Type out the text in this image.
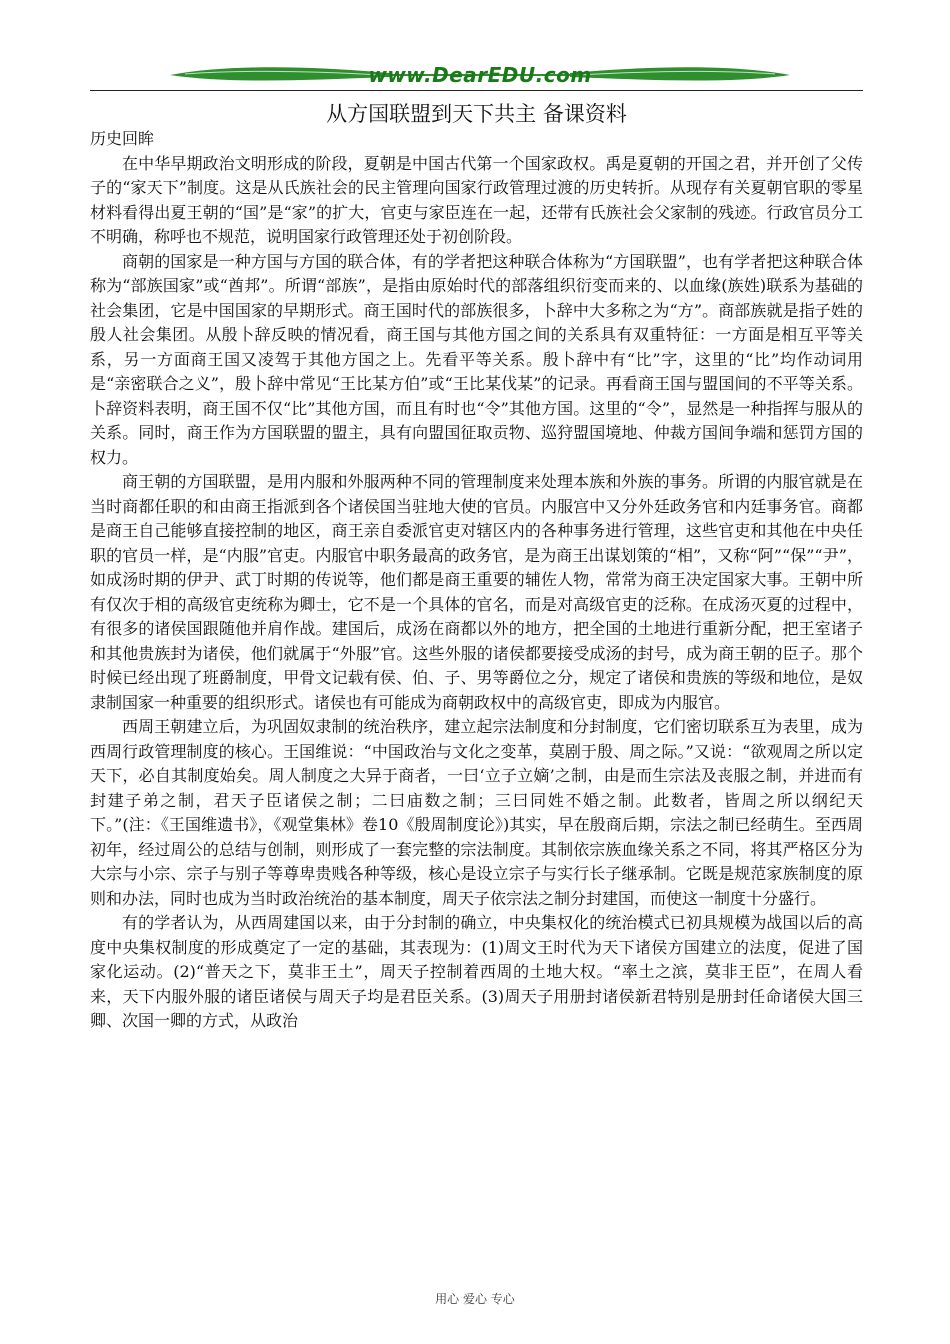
www.DearEDU.com
从方国联盟到天下共主 备课资料

历史回眸

在中华早期政治文明形成的阶段，夏朝是中国古代第一个国家政权。禹是夏朝的开国之君，并开创了父传子的“家天下”制度。这是从氏族社会的民主管理向国家行政管理过渡的历史转折。从现存有关夏朝官职的零星材料看得出夏王朝的“国”是“家”的扩大，官吏与家臣连在一起，还带有氏族社会父家制的残迹。行政官员分工不明确，称呼也不规范，说明国家行政管理还处于初创阶段。

商朝的国家是一种方国与方国的联合体，有的学者把这种联合体称为“方国联盟”，也有学者把这种联合体称为“部族国家”或“酋邦”。所谓“部族”，是指由原始时代的部落组织衍变而来的、以血缘(族姓)联系为基础的社会集团，它是中国国家的早期形式。商王国时代的部族很多，卜辞中大多称之为“方”。商部族就是指子姓的殷人社会集团。从殷卜辞反映的情况看，商王国与其他方国之间的关系具有双重特征：一方面是相互平等关系，另一方面商王国又凌驾于其他方国之上。先看平等关系。殷卜辞中有“比”字，这里的“比”均作动词用是“亲密联合之义”，殷卜辞中常见“王比某方伯”或“王比某伐某”的记录。再看商王国与盟国间的不平等关系。卜辞资料表明，商王国不仅“比”其他方国，而且有时也“令”其他方国。这里的“令”，显然是一种指挥与服从的关系。同时，商王作为方国联盟的盟主，具有向盟国征取贡物、巡狩盟国境地、仲裁方国间争端和惩罚方国的权力。

商王朝的方国联盟，是用内服和外服两种不同的管理制度来处理本族和外族的事务。所谓的内服官就是在当时商都任职的和由商王指派到各个诸侯国当驻地大使的官员。内服宫中又分外廷政务官和内廷事务官。商都是商王自己能够直接控制的地区，商王亲自委派官吏对辖区内的各种事务进行管理，这些官吏和其他在中央任职的官员一样，是“内服”官吏。内服官中职务最高的政务官，是为商王出谋划策的“相”，又称“阿”“保”“尹”，如成汤时期的伊尹、武丁时期的传说等，他们都是商王重要的辅佐人物，常常为商王决定国家大事。王朝中所有仅次于相的高级官吏统称为卿士，它不是一个具体的官名，而是对高级官吏的泛称。在成汤灭夏的过程中，有很多的诸侯国跟随他并肩作战。建国后，成汤在商都以外的地方，把全国的土地进行重新分配，把王室诸子和其他贵族封为诸侯，他们就属于“外服”官。这些外服的诸侯都要接受成汤的封号，成为商王朝的臣子。那个时候已经出现了班爵制度，甲骨文记载有侯、伯、子、男等爵位之分，规定了诸侯和贵族的等级和地位，是奴隶制国家一种重要的组织形式。诸侯也有可能成为商朝政权中的高级官吏，即成为内服官。

西周王朝建立后，为巩固奴隶制的统治秩序，建立起宗法制度和分封制度，它们密切联系互为表里，成为西周行政管理制度的核心。王国维说：“中国政治与文化之变革，莫剧于殷、周之际。”又说：“欲观周之所以定天下，必自其制度始矣。周人制度之大异于商者，一曰‘立子立嫡’之制，由是而生宗法及丧服之制，并进而有封建子弟之制，君天子臣诸侯之制；二曰庙数之制；三曰同姓不婚之制。此数者，皆周之所以纲纪天下。”(注：《王国维遗书》，《观堂集林》卷10《殷周制度论》)其实，早在殷商后期，宗法之制已经萌生。至西周初年，经过周公的总结与创制，则形成了一套完整的宗法制度。其制依宗族血缘关系之不同，将其严格区分为大宗与小宗、宗子与别子等尊卑贵贱各种等级，核心是设立宗子与实行长子继承制。它既是规范家族制度的原则和办法，同时也成为当时政治统治的基本制度，周天子依宗法之制分封建国，而使这一制度十分盛行。

有的学者认为，从西周建国以来，由于分封制的确立，中央集权化的统治模式已初具规模为战国以后的高度中央集权制度的形成奠定了一定的基础，其表现为：(1)周文王时代为天下诸侯方国建立的法度，促进了国家化运动。(2)“普天之下，莫非王土”，周天子控制着西周的土地大权。“率土之滨，莫非王臣”，在周人看来，天下内服外服的诸臣诸侯与周天子均是君臣关系。(3)周天子用册封诸侯新君特别是册封任命诸侯大国三卿、次国一卿的方式，从政治

用心 爱心 专心
